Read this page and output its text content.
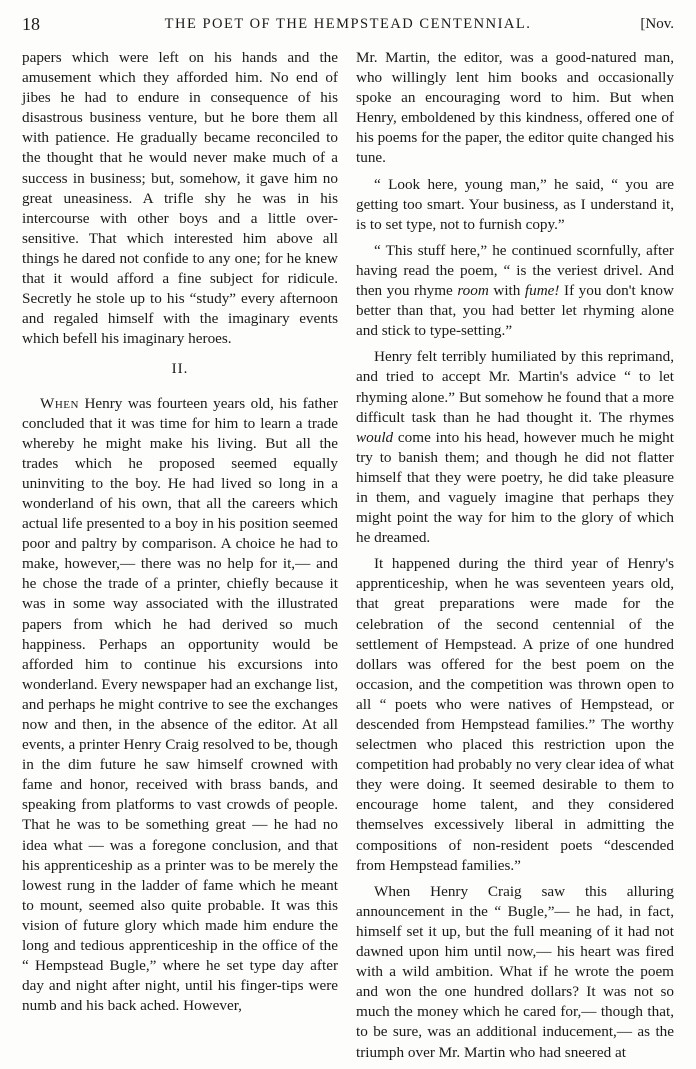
18	THE POET OF THE HEMPSTEAD CENTENNIAL.	[Nov.

papers which were left on his hands and the amusement which they afforded him. No end of jibes he had to endure in consequence of his disastrous business venture, but he bore them all with patience. He gradually became reconciled to the thought that he would never make much of a success in business; but, somehow, it gave him no great uneasiness. A trifle shy he was in his intercourse with other boys and a little over-sensitive. That which interested him above all things he dared not confide to any one; for he knew that it would afford a fine subject for ridicule. Secretly he stole up to his “study” every afternoon and regaled himself with the imaginary events which befell his imaginary heroes.

II.

When Henry was fourteen years old, his father concluded that it was time for him to learn a trade whereby he might make his living. But all the trades which he proposed seemed equally uninviting to the boy. He had lived so long in a wonderland of his own, that all the careers which actual life presented to a boy in his position seemed poor and paltry by comparison. A choice he had to make, however,— there was no help for it,— and he chose the trade of a printer, chiefly because it was in some way associated with the illustrated papers from which he had derived so much happiness. Perhaps an opportunity would be afforded him to continue his excursions into wonderland. Every newspaper had an exchange list, and perhaps he might contrive to see the exchanges now and then, in the absence of the editor. At all events, a printer Henry Craig resolved to be, though in the dim future he saw himself crowned with fame and honor, received with brass bands, and speaking from platforms to vast crowds of people. That he was to be something great — he had no idea what — was a foregone conclusion, and that his apprenticeship as a printer was to be merely the lowest rung in the ladder of fame which he meant to mount, seemed also quite probable. It was this vision of future glory which made him endure the long and tedious apprenticeship in the office of the “ Hempstead Bugle,” where he set type day after day and night after night, until his finger-tips were numb and his back ached. However,

Mr. Martin, the editor, was a good-natured man, who willingly lent him books and occasionally spoke an encouraging word to him. But when Henry, emboldened by this kindness, offered one of his poems for the paper, the editor quite changed his tune.

“ Look here, young man,” he said, “ you are getting too smart. Your business, as I understand it, is to set type, not to furnish copy.”

“ This stuff here,” he continued scornfully, after having read the poem, “ is the veriest drivel. And then you rhyme room with fume! If you don't know better than that, you had better let rhyming alone and stick to type-setting.”

Henry felt terribly humiliated by this reprimand, and tried to accept Mr. Martin's advice “ to let rhyming alone.” But somehow he found that a more difficult task than he had thought it. The rhymes would come into his head, however much he might try to banish them; and though he did not flatter himself that they were poetry, he did take pleasure in them, and vaguely imagine that perhaps they might point the way for him to the glory of which he dreamed.

It happened during the third year of Henry's apprenticeship, when he was seventeen years old, that great preparations were made for the celebration of the second centennial of the settlement of Hempstead. A prize of one hundred dollars was offered for the best poem on the occasion, and the competition was thrown open to all “ poets who were natives of Hempstead, or descended from Hempstead families.” The worthy selectmen who placed this restriction upon the competition had probably no very clear idea of what they were doing. It seemed desirable to them to encourage home talent, and they considered themselves excessively liberal in admitting the compositions of non-resident poets “descended from Hempstead families.”

When Henry Craig saw this alluring announcement in the “ Bugle,”— he had, in fact, himself set it up, but the full meaning of it had not dawned upon him until now,— his heart was fired with a wild ambition. What if he wrote the poem and won the one hundred dollars? It was not so much the money which he cared for,— though that, to be sure, was an additional inducement,— as the triumph over Mr. Martin who had sneered at
